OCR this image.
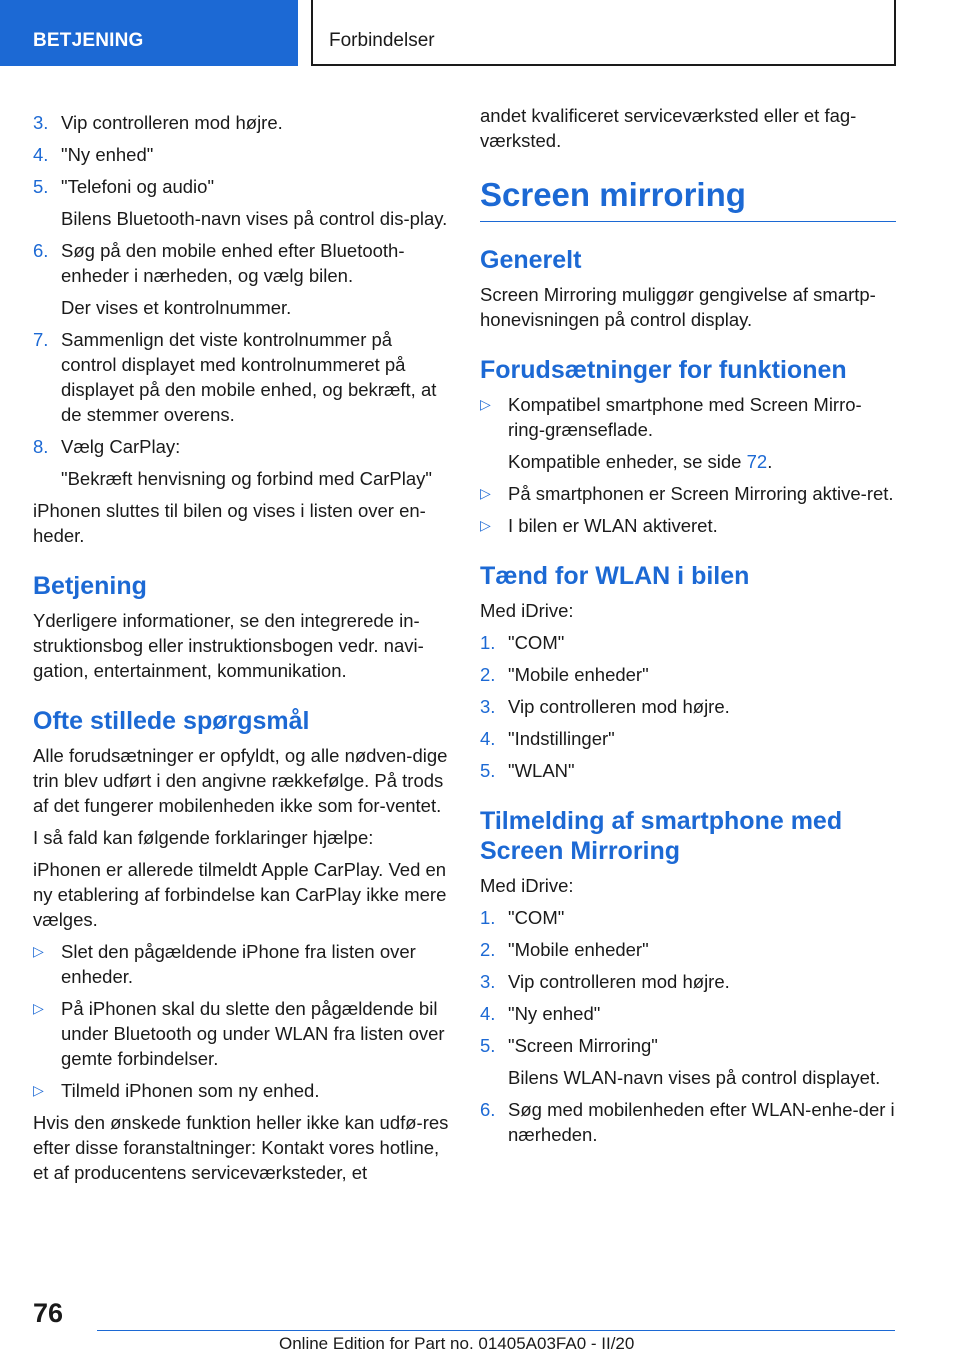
BETJENING	Forbindelser
3. Vip controlleren mod højre.
4. "Ny enhed"
5. "Telefoni og audio"
Bilens Bluetooth-navn vises på control dis-play.
6. Søg på den mobile enhed efter Bluetooth-enheder i nærheden, og vælg bilen.
Der vises et kontrolnummer.
7. Sammenlign det viste kontrolnummer på control displayet med kontrolnummeret på displayet på den mobile enhed, og bekræft, at de stemmer overens.
8. Vælg CarPlay:
"Bekræft henvisning og forbind med CarPlay"
iPhonen sluttes til bilen og vises i listen over en-heder.
Betjening
Yderligere informationer, se den integrerede in-struktionsbog eller instruktionsbogen vedr. navi-gation, entertainment, kommunikation.
Ofte stillede spørgsmål
Alle forudsætninger er opfyldt, og alle nødven-dige trin blev udført i den angivne rækkefølge. På trods af det fungerer mobilenheden ikke som for-ventet.
I så fald kan følgende forklaringer hjælpe:
iPhonen er allerede tilmeldt Apple CarPlay. Ved en ny etablering af forbindelse kan CarPlay ikke mere vælges.
▷ Slet den pågældende iPhone fra listen over enheder.
▷ På iPhonen skal du slette den pågældende bil under Bluetooth og under WLAN fra listen over gemte forbindelser.
▷ Tilmeld iPhonen som ny enhed.
Hvis den ønskede funktion heller ikke kan udfø-res efter disse foranstaltninger: Kontakt vores hotline, et af producentens serviceværksteder, et
andet kvalificeret serviceværksted eller et fag-værksted.
Screen mirroring
Generelt
Screen Mirroring muliggør gengivelse af smartp-honevisningen på control display.
Forudsætninger for funktionen
▷ Kompatibel smartphone med Screen Mirro-ring-grænseflade.
Kompatible enheder, se side 72.
▷ På smartphonen er Screen Mirroring aktive-ret.
▷ I bilen er WLAN aktiveret.
Tænd for WLAN i bilen
Med iDrive:
1. "COM"
2. "Mobile enheder"
3. Vip controlleren mod højre.
4. "Indstillinger"
5. "WLAN"
Tilmelding af smartphone med Screen Mirroring
Med iDrive:
1. "COM"
2. "Mobile enheder"
3. Vip controlleren mod højre.
4. "Ny enhed"
5. "Screen Mirroring"
Bilens WLAN-navn vises på control displayet.
6. Søg med mobilenheden efter WLAN-enhe-der i nærheden.
76
Online Edition for Part no. 01405A03FA0 - II/20
